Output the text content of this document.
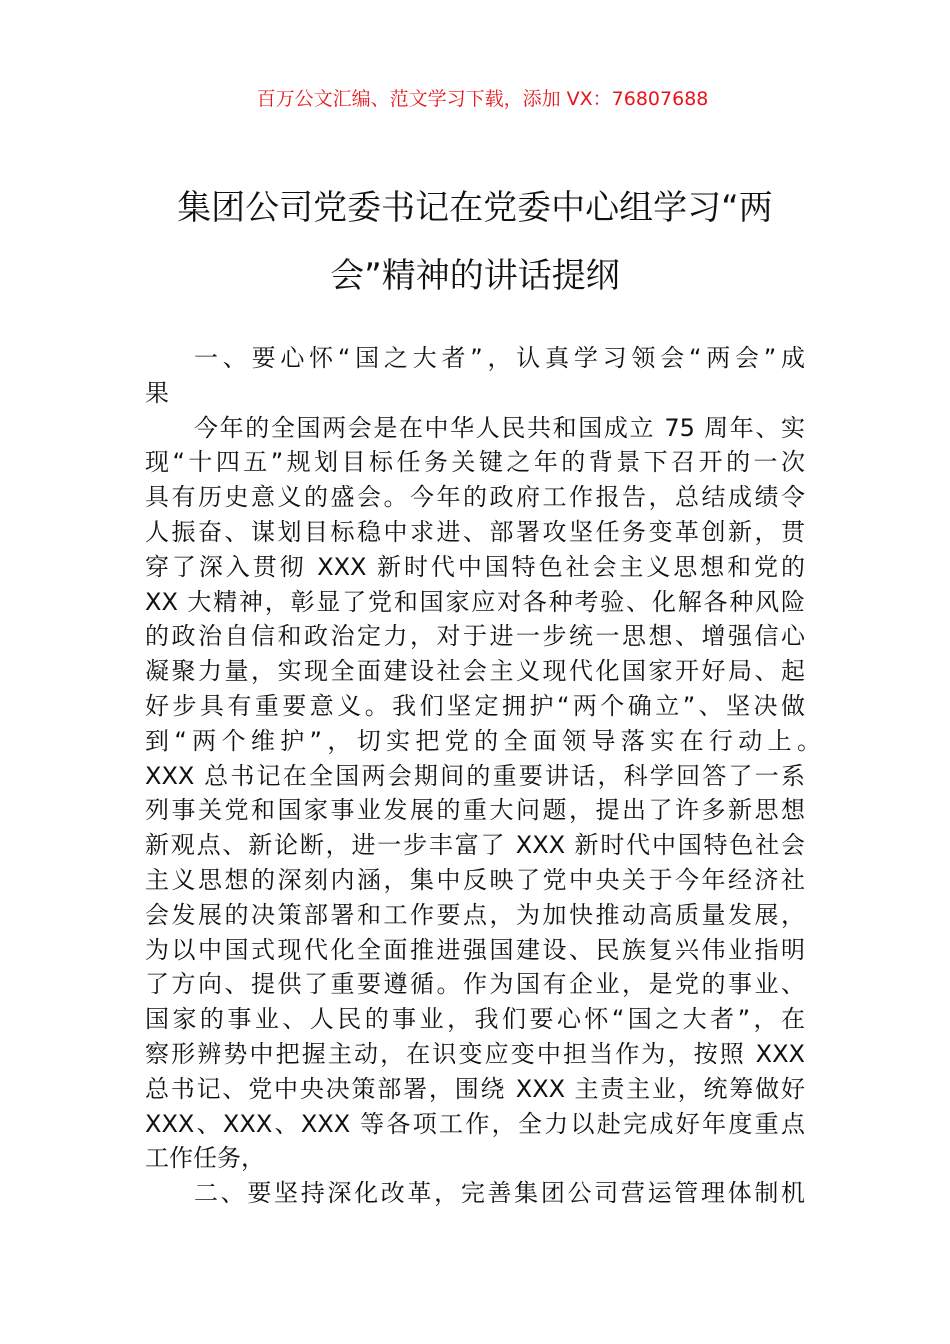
百万公文汇编、范文学习下载，添加 VX：76807688
集团公司党委书记在党委中心组学习“两
会”精神的讲话提纲
一、要心怀“国之大者”，认真学习领会“两会”成
果
今年的全国两会是在中华人民共和国成立 75 周年、实
现“十四五”规划目标任务关键之年的背景下召开的一次
具有历史意义的盛会。今年的政府工作报告，总结成绩令
人振奋、谋划目标稳中求进、部署攻坚任务变革创新，贯
穿了深入贯彻 XXX 新时代中国特色社会主义思想和党的
XX 大精神，彰显了党和国家应对各种考验、化解各种风险
的政治自信和政治定力，对于进一步统一思想、增强信心
凝聚力量，实现全面建设社会主义现代化国家开好局、起
好步具有重要意义。我们坚定拥护“两个确立”、坚决做
到“两个维护”，切实把党的全面领导落实在行动上。
XXX 总书记在全国两会期间的重要讲话，科学回答了一系
列事关党和国家事业发展的重大问题，提出了许多新思想
新观点、新论断，进一步丰富了 XXX 新时代中国特色社会
主义思想的深刻内涵，集中反映了党中央关于今年经济社
会发展的决策部署和工作要点，为加快推动高质量发展，
为以中国式现代化全面推进强国建设、民族复兴伟业指明
了方向、提供了重要遵循。作为国有企业，是党的事业、
国家的事业、人民的事业，我们要心怀“国之大者”，在
察形辨势中把握主动，在识变应变中担当作为，按照 XXX
总书记、党中央决策部署，围绕 XXX 主责主业，统筹做好
XXX、XXX、XXX 等各项工作，全力以赴完成好年度重点
工作任务，
二、要坚持深化改革，完善集团公司营运管理体制机
